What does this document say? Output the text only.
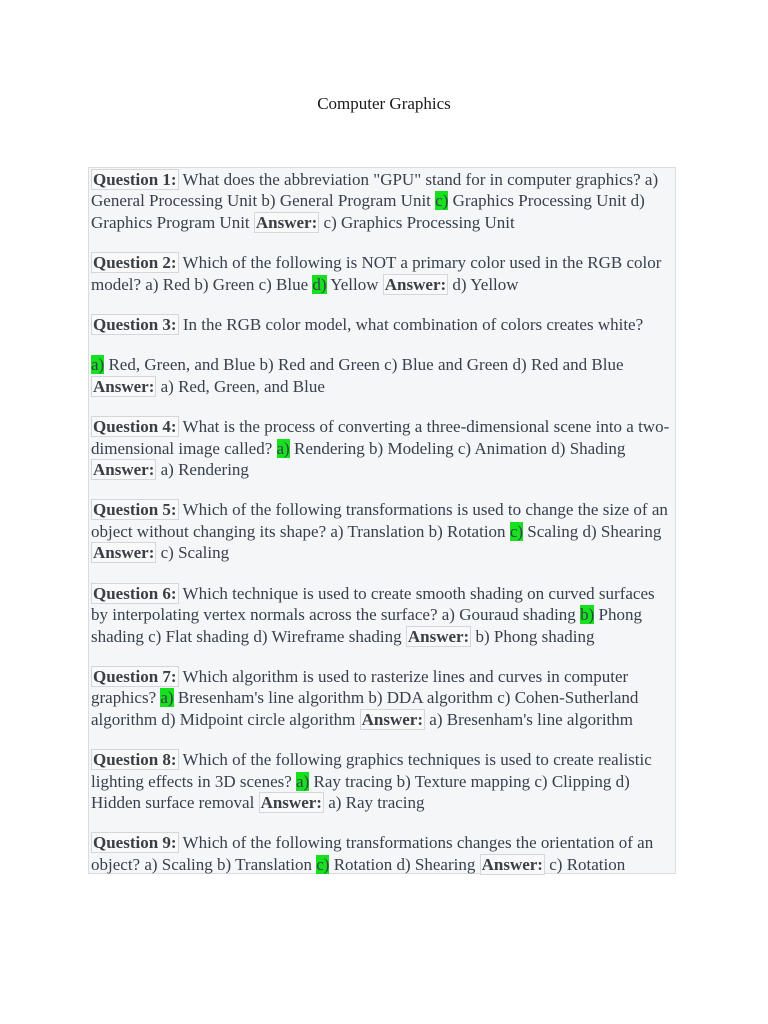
Computer Graphics

Question 1: What does the abbreviation "GPU" stand for in computer graphics? a) General Processing Unit b) General Program Unit c) Graphics Processing Unit d) Graphics Program Unit Answer: c) Graphics Processing Unit

Question 2: Which of the following is NOT a primary color used in the RGB color model? a) Red b) Green c) Blue d) Yellow Answer: d) Yellow

Question 3: In the RGB color model, what combination of colors creates white?

a) Red, Green, and Blue b) Red and Green c) Blue and Green d) Red and Blue Answer: a) Red, Green, and Blue

Question 4: What is the process of converting a three-dimensional scene into a two-dimensional image called? a) Rendering b) Modeling c) Animation d) Shading Answer: a) Rendering

Question 5: Which of the following transformations is used to change the size of an object without changing its shape? a) Translation b) Rotation c) Scaling d) Shearing Answer: c) Scaling

Question 6: Which technique is used to create smooth shading on curved surfaces by interpolating vertex normals across the surface? a) Gouraud shading b) Phong shading c) Flat shading d) Wireframe shading Answer: b) Phong shading

Question 7: Which algorithm is used to rasterize lines and curves in computer graphics? a) Bresenham's line algorithm b) DDA algorithm c) Cohen-Sutherland algorithm d) Midpoint circle algorithm Answer: a) Bresenham's line algorithm

Question 8: Which of the following graphics techniques is used to create realistic lighting effects in 3D scenes? a) Ray tracing b) Texture mapping c) Clipping d) Hidden surface removal Answer: a) Ray tracing

Question 9: Which of the following transformations changes the orientation of an object? a) Scaling b) Translation c) Rotation d) Shearing Answer: c) Rotation
